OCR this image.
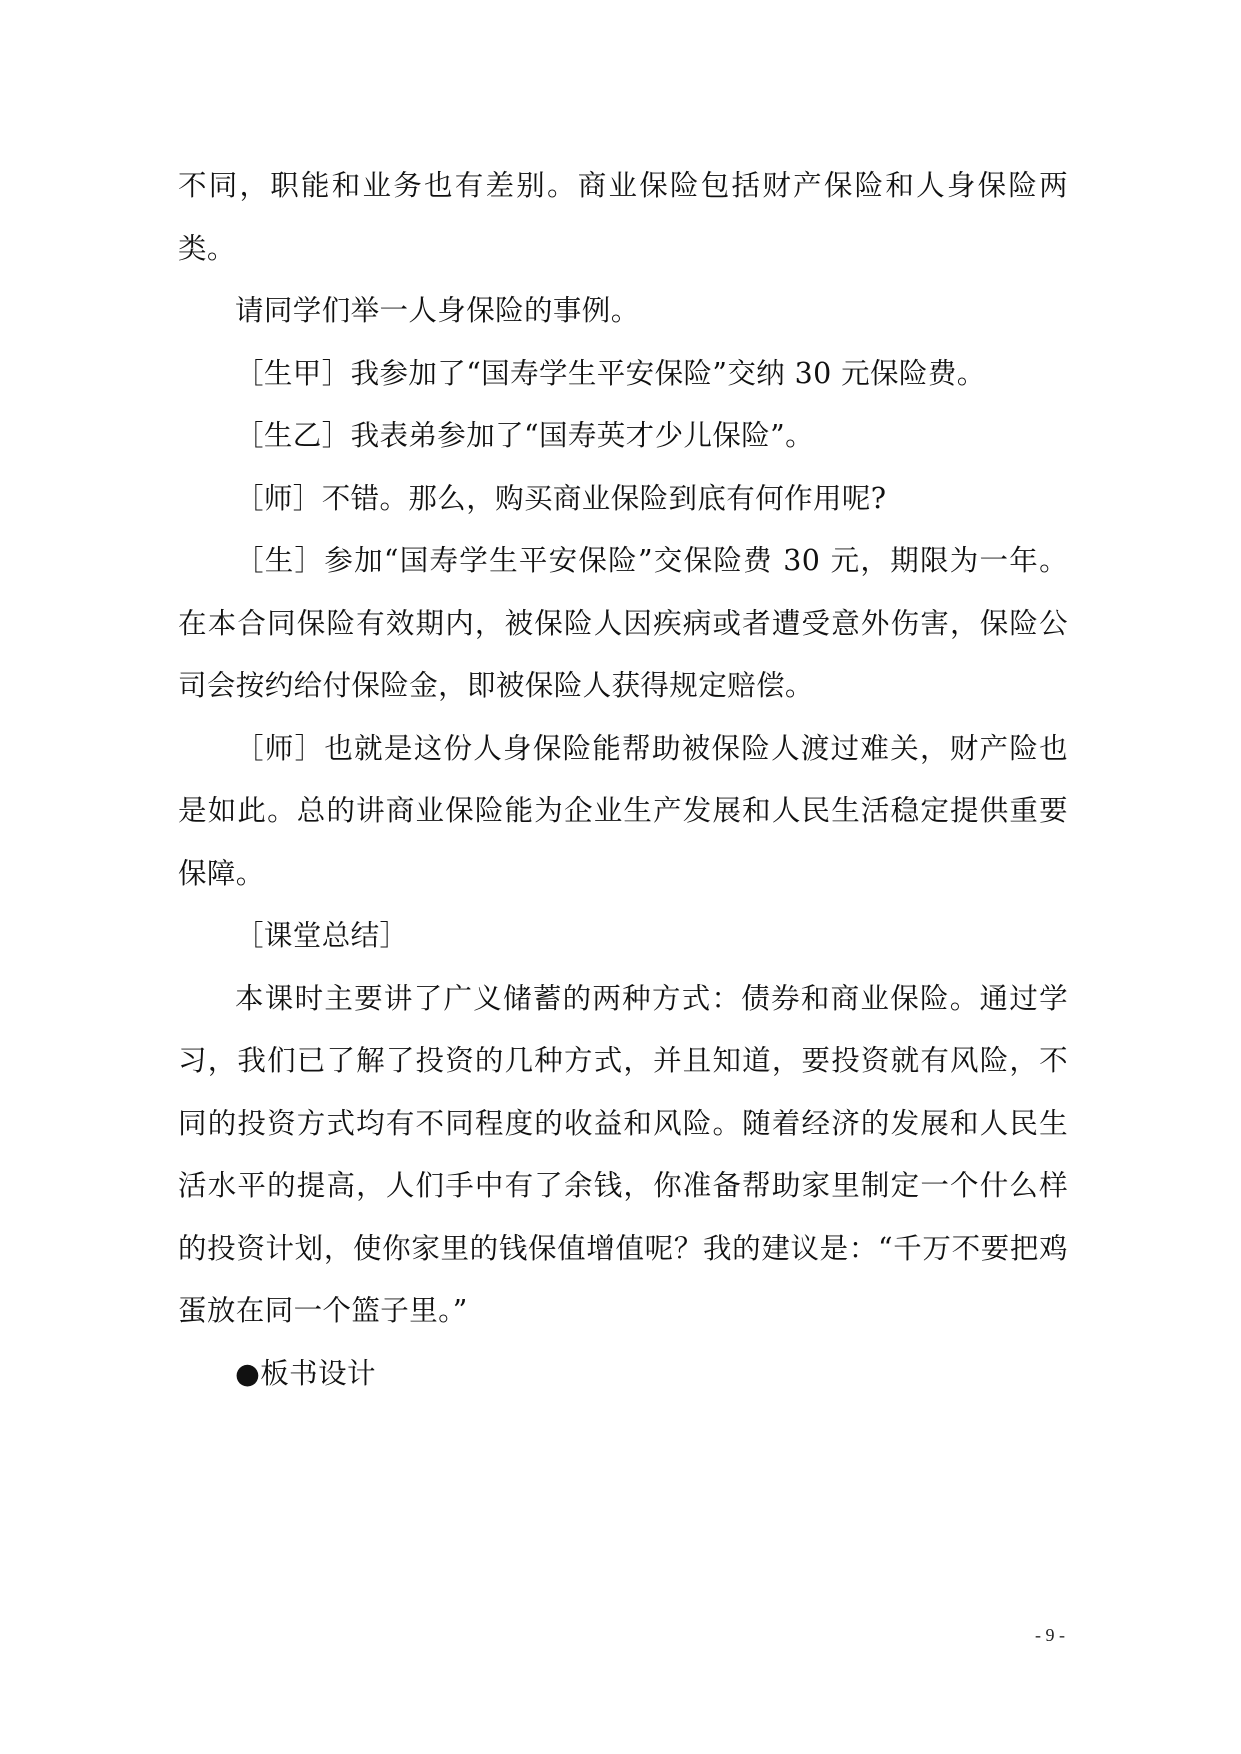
不同，职能和业务也有差别。商业保险包括财产保险和人身保险两类。

请同学们举一人身保险的事例。

［生甲］我参加了“国寿学生平安保险”交纳 30 元保险费。

［生乙］我表弟参加了“国寿英才少儿保险”。

［师］不错。那么，购买商业保险到底有何作用呢?

［生］参加“国寿学生平安保险”交保险费 30 元，期限为一年。在本合同保险有效期内，被保险人因疾病或者遭受意外伤害，保险公司会按约给付保险金，即被保险人获得规定赔偿。

［师］也就是这份人身保险能帮助被保险人渡过难关，财产险也是如此。总的讲商业保险能为企业生产发展和人民生活稳定提供重要保障。

［课堂总结］

本课时主要讲了广义储蓄的两种方式：债券和商业保险。通过学习，我们已了解了投资的几种方式，并且知道，要投资就有风险，不同的投资方式均有不同程度的收益和风险。随着经济的发展和人民生活水平的提高，人们手中有了余钱，你准备帮助家里制定一个什么样的投资计划，使你家里的钱保值增值呢？我的建议是：“千万不要把鸡蛋放在同一个篮子里。”

●板书设计

- 9 -
